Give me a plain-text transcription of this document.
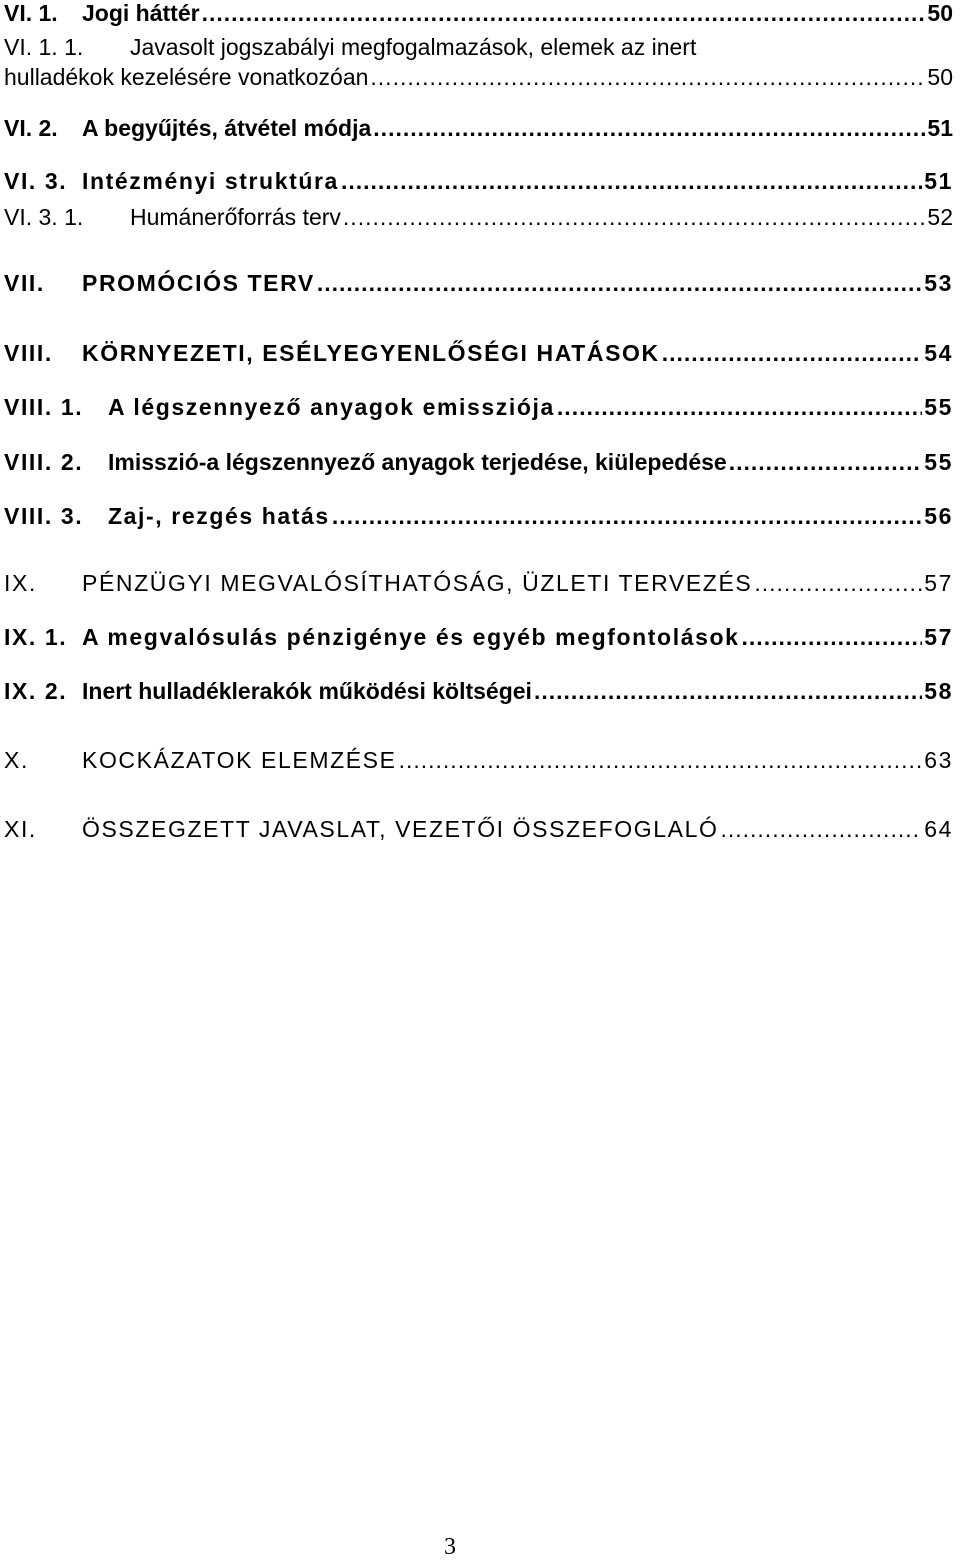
VI. 1.	Jogi háttér .....	50
VI. 1. 1.	Javasolt jogszabályi megfogalmazások, elemek az inert
hulladékok kezelésére vonatkozóan .....	50
VI. 2.	A begyűjtés, átvétel módja .....	51
VI. 3. Intézményi struktúra .....	51
VI. 3. 1.	Humánerőforrás terv .....	52
VII.	PROMÓCIÓS TERV .....	53
VIII.	KÖRNYEZETI, ESÉLYEGYENLŐSÉGI HATÁSOK .....	54
VIII. 1.	A légszennyező anyagok emissziója .....	55
VIII. 2.	Imisszió-a légszennyező anyagok terjedése, kiülepedése .....	55
VIII. 3.	Zaj-, rezgés hatás .....	56
IX.	PÉNZÜGYI MEGVALÓSÍTHATÓSÁG, ÜZLETI TERVEZÉS .....	57
IX. 1. A megvalósulás pénzigénye és egyéb megfontolások .....	57
IX. 2. Inert hulladéklerakók működési költségei .....	58
X.	KOCKÁZATOK ELEMZÉSE .....	63
XI.	ÖSSZEGZETT JAVASLAT, VEZETŐI ÖSSZEFOGLALÓ .....	64
3
